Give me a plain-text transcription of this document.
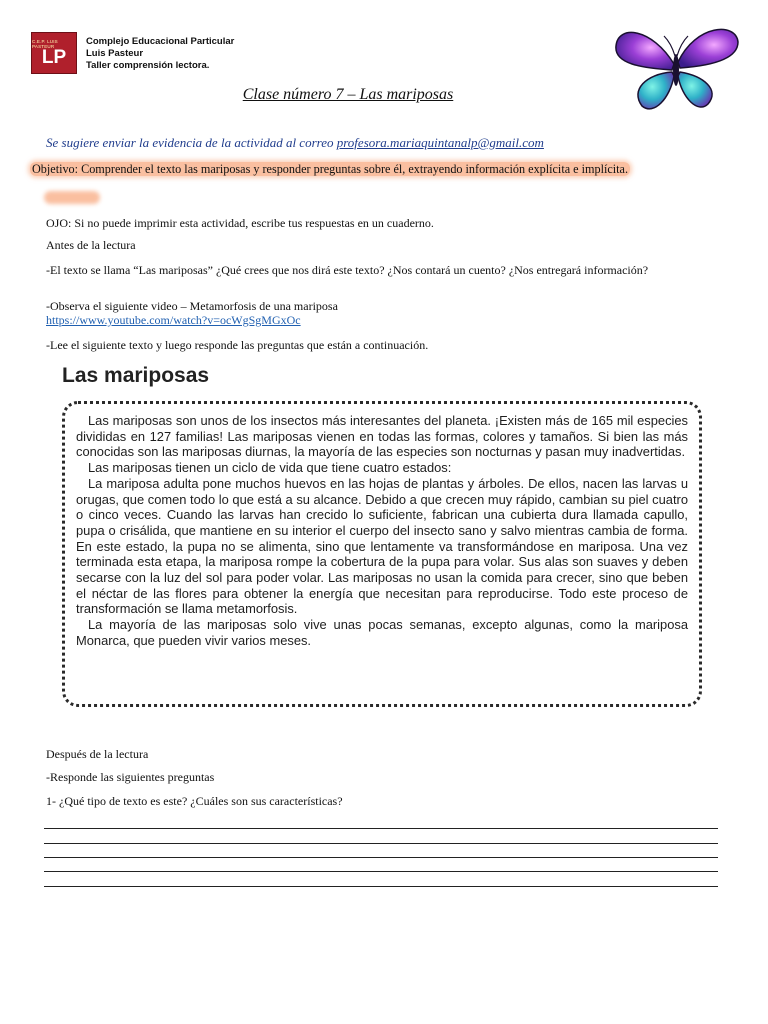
C.E.P. LUIS PASTEUR
LP
Complejo Educacional Particular
Luis Pasteur
Taller comprensión lectora.
Clase número 7 – Las mariposas
Se sugiere enviar la evidencia de la actividad al correo profesora.mariaquintanalp@gmail.com
Objetivo: Comprender el texto las mariposas y responder preguntas sobre él, extrayendo información explícita e implícita.
OJO: Si no puede imprimir esta actividad, escribe tus respuestas en un cuaderno.
Antes de la lectura
-El texto se llama “Las mariposas” ¿Qué crees que nos dirá este texto? ¿Nos contará un cuento? ¿Nos entregará información?
-Observa el siguiente video – Metamorfosis de una mariposa
https://www.youtube.com/watch?v=ocWgSgMGxOc
-Lee el siguiente texto y luego responde las preguntas que están a continuación.
Las mariposas

Las mariposas son unos de los insectos más interesantes del planeta. ¡Existen más de 165 mil especies divididas en 127 familias! Las mariposas vienen en todas las formas, colores y tamaños. Si bien las más conocidas son las mariposas diurnas, la mayoría de las especies son nocturnas y pasan muy inadvertidas.

Las mariposas tienen un ciclo de vida que tiene cuatro estados:

La mariposa adulta pone muchos huevos en las hojas de plantas y árboles. De ellos, nacen las larvas u orugas, que comen todo lo que está a su alcance. Debido a que crecen muy rápido, cambian su piel cuatro o cinco veces. Cuando las larvas han crecido lo suficiente, fabrican una cubierta dura llamada capullo, pupa o crisálida, que mantiene en su interior el cuerpo del insecto sano y salvo mientras cambia de forma. En este estado, la pupa no se alimenta, sino que lentamente va transformándose en mariposa. Una vez terminada esta etapa, la mariposa rompe la cobertura de la pupa para volar. Sus alas son suaves y deben secarse con la luz del sol para poder volar. Las mariposas no usan la comida para crecer, sino que beben el néctar de las flores para obtener la energía que necesitan para reproducirse. Todo este proceso de transformación se llama metamorfosis.

La mayoría de las mariposas solo vive unas pocas semanas, excepto algunas, como la mariposa Monarca, que pueden vivir varios meses.

Después de la lectura
-Responde las siguientes preguntas
1- ¿Qué tipo de texto es este? ¿Cuáles son sus características?
